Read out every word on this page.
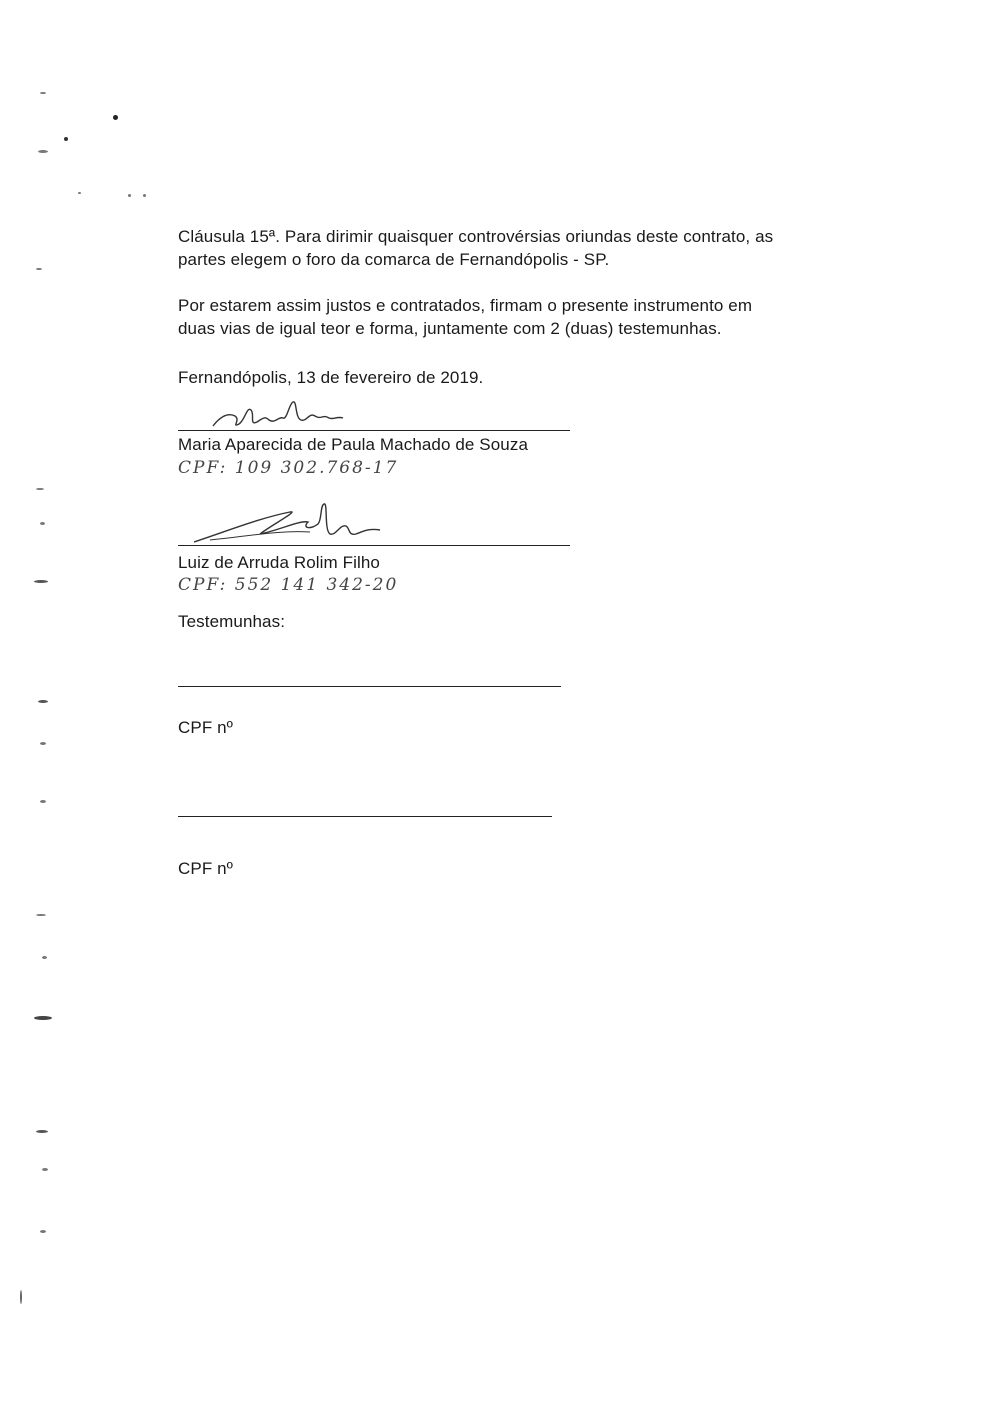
Cláusula 15ª. Para dirimir quaisquer controvérsias oriundas deste contrato, as
partes elegem o foro da comarca de Fernandópolis - SP.
Por estarem assim justos e contratados, firmam o presente instrumento em
duas vias de igual teor e forma, juntamente com 2 (duas) testemunhas.
Fernandópolis, 13 de fevereiro de 2019.
Maria Aparecida de Paula Machado de Souza
CPF: 109 302.768-17
Luiz de Arruda Rolim Filho
CPF: 552 141 342-20
Testemunhas:
CPF nº
CPF nº
